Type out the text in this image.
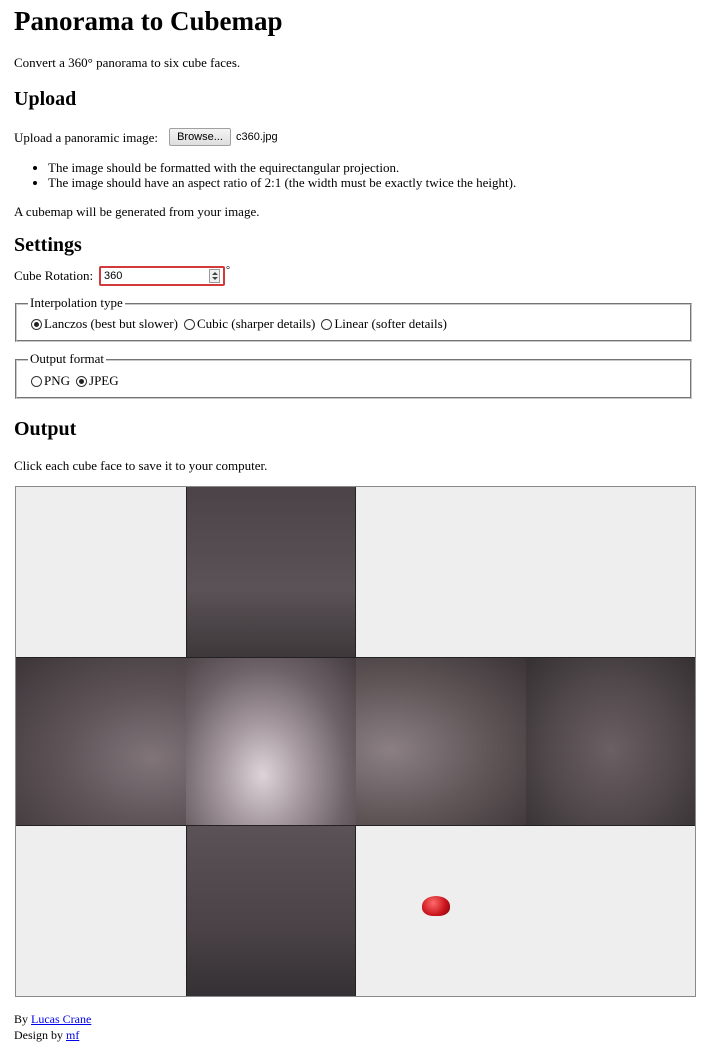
Panorama to Cubemap

Convert a 360° panorama to six cube faces.

Upload

Upload a panoramic image:	Browse...	c360.jpg
• The image should be formatted with the equirectangular projection.
• The image should have an aspect ratio of 2:1 (the width must be exactly twice the height).

A cubemap will be generated from your image.

Settings

Cube Rotation: 360	°
Interpolation type
Lanczos (best but slower) Cubic (sharper details) Linear (softer details)
Output format
PNG JPEG
Output

Click each cube face to save it to your computer.

By Lucas Crane
Design by mf
